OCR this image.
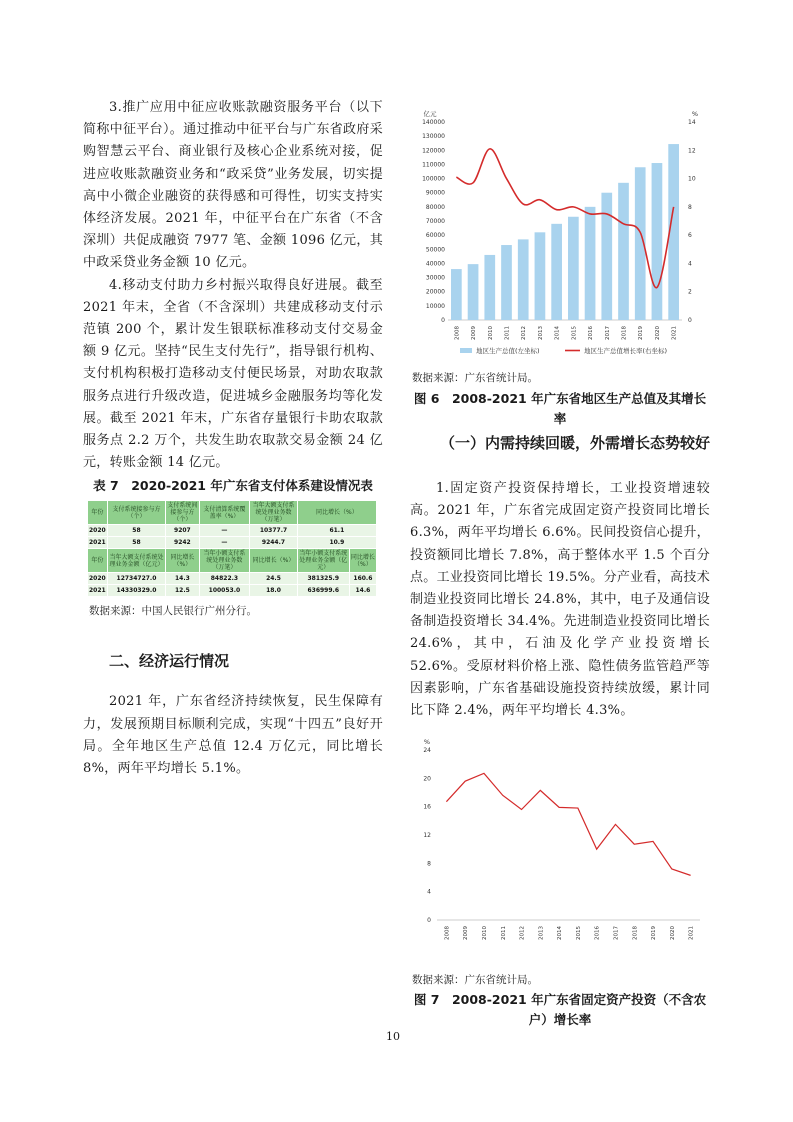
3.推广应用中征应收账款融资服务平台（以下简称中征平台）。通过推动中征平台与广东省政府采购智慧云平台、商业银行及核心企业系统对接，促进应收账款融资业务和“政采贷”业务发展，切实提高中小微企业融资的获得感和可得性，切实支持实体经济发展。2021 年，中征平台在广东省（不含深圳）共促成融资 7977 笔、金额 1096 亿元，其中政采贷业务金额 10 亿元。

4.移动支付助力乡村振兴取得良好进展。截至 2021 年末，全省（不含深圳）共建成移动支付示范镇 200 个，累计发生银联标准移动支付交易金额 9 亿元。坚持“民生支付先行”，指导银行机构、支付机构积极打造移动支付便民场景，对助农取款服务点进行升级改造，促进城乡金融服务均等化发展。截至 2021 年末，广东省存量银行卡助农取款服务点 2.2 万个，共发生助农取款交易金额 24 亿元，转账金额 14 亿元。

表 7　2020-2021 年广东省支付体系建设情况表

年份	支付系统接参与方（个）	支付系统间接参与方（个）	支付清算系统覆盖率（%）	当年大额支付系统处理业务数（万笔）	同比增长（%）	
2020	58	9207	—	10377.7	61.1	
2021	58	9242	—	9244.7	10.9	
年份	当年大额支付系统处理业务金额（亿元）	同比增长（%）	当年小额支付系统处理业务数（万笔）	同比增长（%）	当年小额支付系统处理业务金额（亿元）	同比增长（%）
2020	12734727.0	14.3	84822.3	24.5	381325.9	160.6
2021	14330329.0	12.5	100053.0	18.0	636999.6	14.6
数据来源：中国人民银行广州分行。
二、经济运行情况

2021 年，广东省经济持续恢复，民生保障有力，发展预期目标顺利完成，实现“十四五”良好开局。全年地区生产总值 12.4 万亿元，同比增长 8%，两年平均增长 5.1%。

亿元	%
0
10000
20000
30000
40000
50000
60000
70000
80000
90000
100000
110000
120000
130000
140000
0
2
4
6
8
10
12
14
2008 2009 2010 2011 2012 2013 2014 2015 2016 2017 2018 2019 2020 2021
地区生产总值(左坐标)	地区生产总值增长率(右坐标)
数据来源：广东省统计局。
图 6　2008-2021 年广东省地区生产总值及其增长率
（一）内需持续回暖，外需增长态势较好

1.固定资产投资保持增长，工业投资增速较高。2021 年，广东省完成固定资产投资同比增长 6.3%，两年平均增长 6.6%。民间投资信心提升，投资额同比增长 7.8%，高于整体水平 1.5 个百分点。工业投资同比增长 19.5%。分产业看，高技术制造业投资同比增长 24.8%，其中，电子及通信设备制造投资增长 34.4%。先进制造业投资同比增长 24.6%，其中，石油及化学产业投资增长 52.6%。受原材料价格上涨、隐性债务监管趋严等因素影响，广东省基础设施投资持续放缓，累计同比下降 2.4%，两年平均增长 4.3%。

%
0
4
8
12
16
20
24
2008 2009 2010 2011 2012 2013 2014 2015 2016 2017 2018 2019 2020 2021
数据来源：广东省统计局。
图 7　2008-2021 年广东省固定资产投资（不含农户）增长率
10
